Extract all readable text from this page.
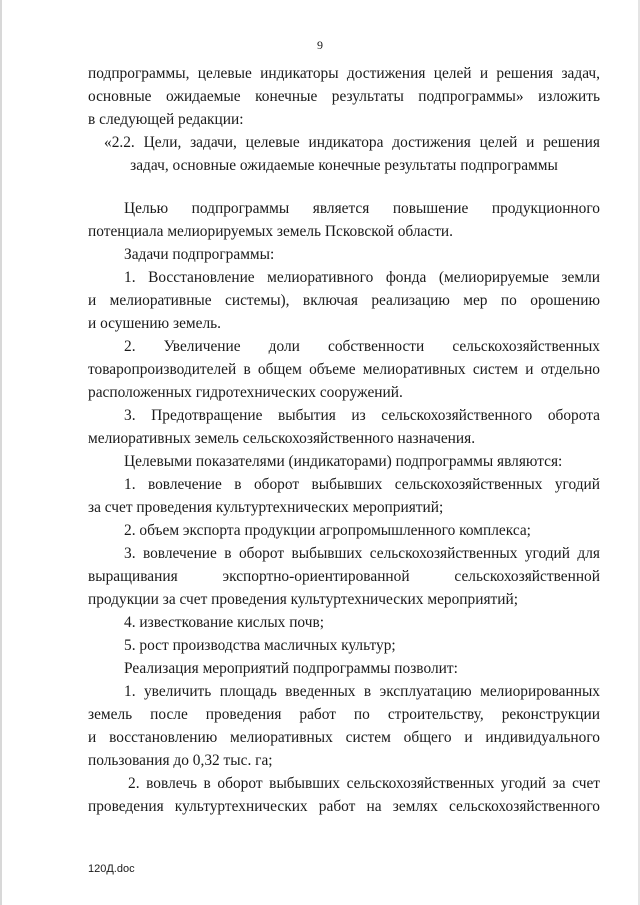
9
подпрограммы, целевые индикаторы достижения целей и решения задач,
основные ожидаемые конечные результаты подпрограммы» изложить
в следующей редакции:
«2.2. Цели, задачи, целевые индикатора достижения целей и решения
задач, основные ожидаемые конечные результаты подпрограммы
Целью подпрограммы является повышение продукционного
потенциала мелиорируемых земель Псковской области.
Задачи подпрограммы:
1. Восстановление мелиоративного фонда (мелиорируемые земли
и мелиоративные системы), включая реализацию мер по орошению
и осушению земель.
2. Увеличение доли собственности сельскохозяйственных
товаропроизводителей в общем объеме мелиоративных систем и отдельно
расположенных гидротехнических сооружений.
3. Предотвращение выбытия из сельскохозяйственного оборота
мелиоративных земель сельскохозяйственного назначения.
Целевыми показателями (индикаторами) подпрограммы являются:
1. вовлечение в оборот выбывших сельскохозяйственных угодий
за счет проведения культуртехнических мероприятий;
2. объем экспорта продукции агропромышленного комплекса;
3. вовлечение в оборот выбывших сельскохозяйственных угодий для
выращивания экспортно-ориентированной сельскохозяйственной
продукции за счет проведения культуртехнических мероприятий;
4. известкование кислых почв;
5. рост производства масличных культур;
Реализация мероприятий подпрограммы позволит:
1. увеличить площадь введенных в эксплуатацию мелиорированных
земель после проведения работ по строительству, реконструкции
и восстановлению мелиоративных систем общего и индивидуального
пользования до 0,32 тыс. га;
2. вовлечь в оборот выбывших сельскохозяйственных угодий за счет
проведения культуртехнических работ на землях сельскохозяйственного
120Д.doc
